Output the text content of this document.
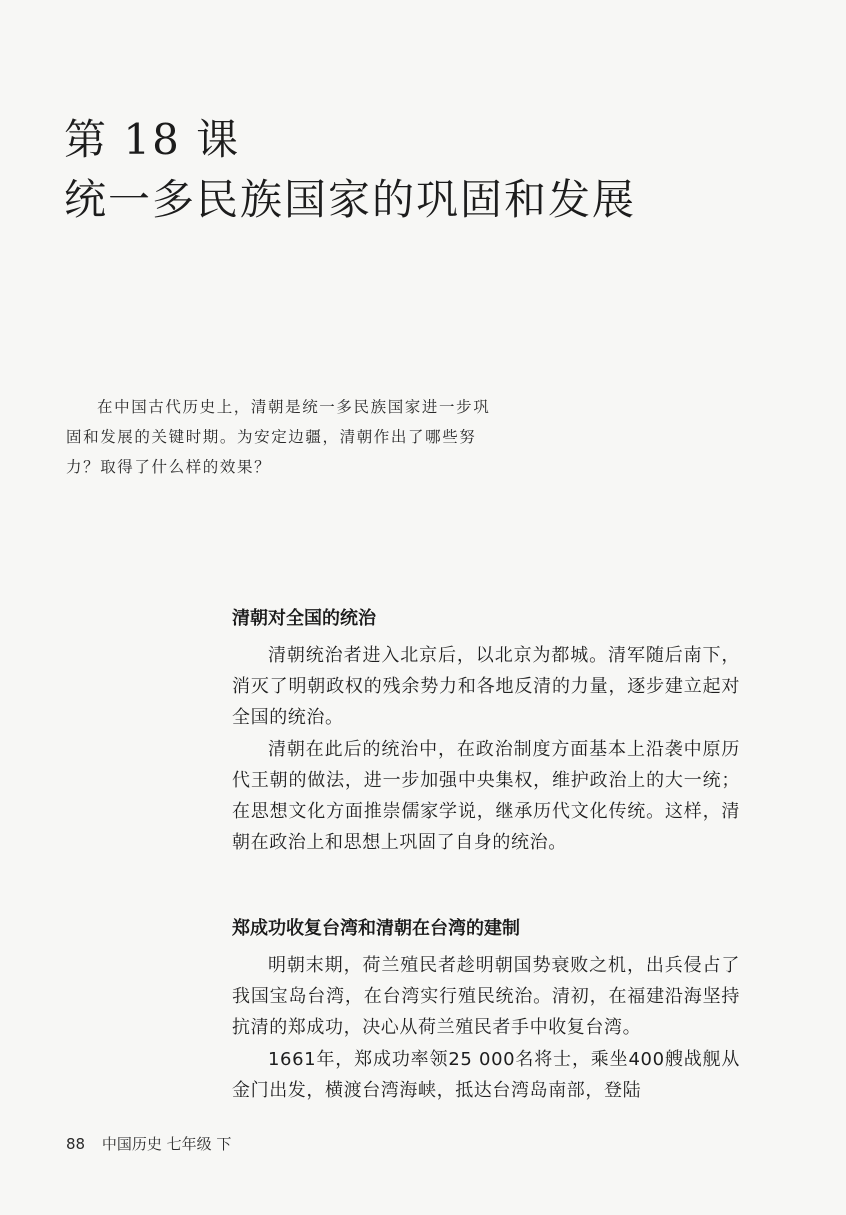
第 18 课
统一多民族国家的巩固和发展
在中国古代历史上，清朝是统一多民族国家进一步巩固和发展的关键时期。为安定边疆，清朝作出了哪些努力？取得了什么样的效果？
清朝对全国的统治
清朝统治者进入北京后，以北京为都城。清军随后南下，消灭了明朝政权的残余势力和各地反清的力量，逐步建立起对全国的统治。
清朝在此后的统治中，在政治制度方面基本上沿袭中原历代王朝的做法，进一步加强中央集权，维护政治上的大一统；在思想文化方面推崇儒家学说，继承历代文化传统。这样，清朝在政治上和思想上巩固了自身的统治。
郑成功收复台湾和清朝在台湾的建制
明朝末期，荷兰殖民者趁明朝国势衰败之机，出兵侵占了我国宝岛台湾，在台湾实行殖民统治。清初，在福建沿海坚持抗清的郑成功，决心从荷兰殖民者手中收复台湾。
1661年，郑成功率领25 000名将士，乘坐400艘战舰从金门出发，横渡台湾海峡，抵达台湾岛南部，登陆
88 中国历史 七年级 下
